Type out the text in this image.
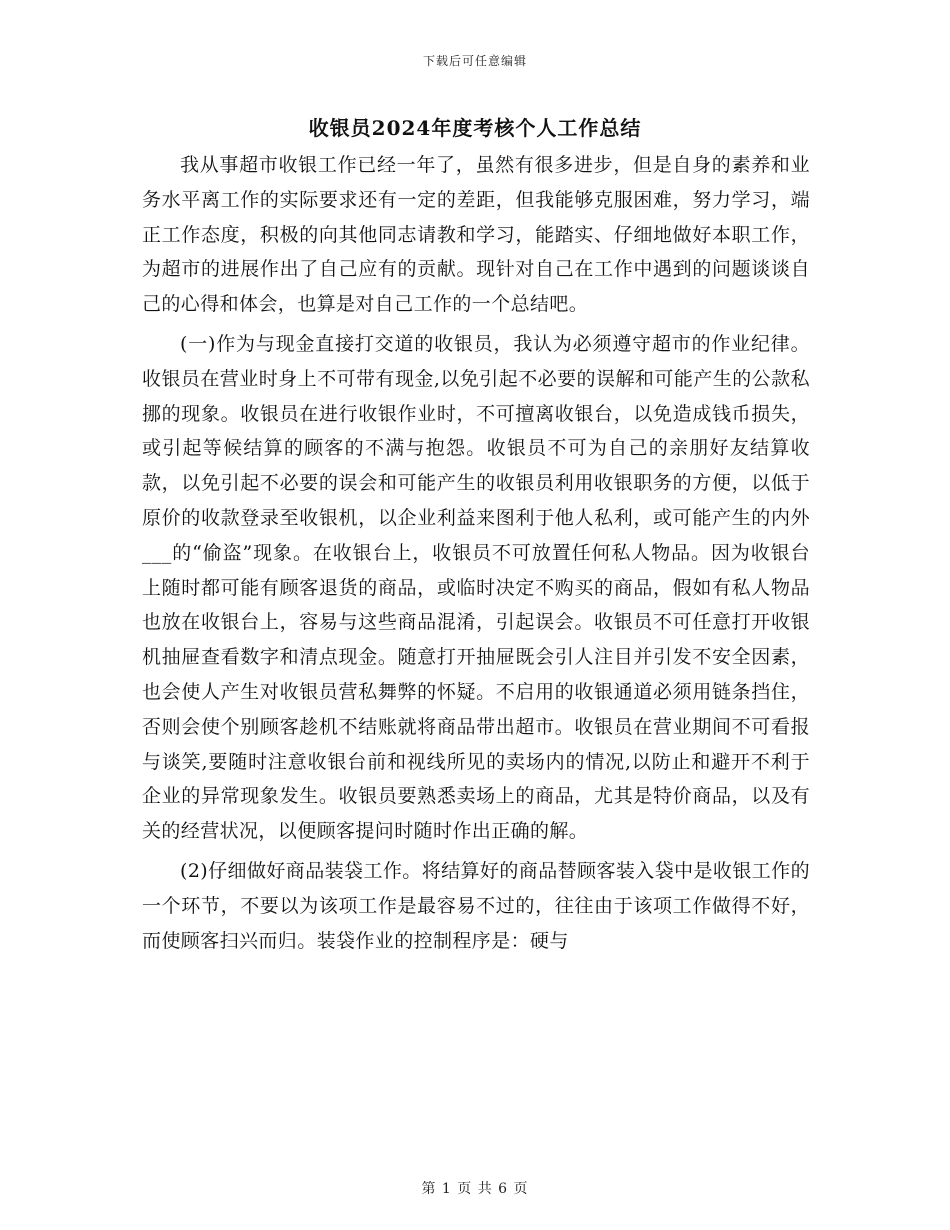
下载后可任意编辑
收银员2024年度考核个人工作总结

我从事超市收银工作已经一年了，虽然有很多进步，但是自身的素养和业务水平离工作的实际要求还有一定的差距，但我能够克服困难，努力学习，端正工作态度，积极的向其他同志请教和学习，能踏实、仔细地做好本职工作，为超市的进展作出了自己应有的贡献。现针对自己在工作中遇到的问题谈谈自己的心得和体会，也算是对自己工作的一个总结吧。

(一)作为与现金直接打交道的收银员，我认为必须遵守超市的作业纪律。收银员在营业时身上不可带有现金,以免引起不必要的误解和可能产生的公款私挪的现象。收银员在进行收银作业时，不可擅离收银台，以免造成钱币损失，或引起等候结算的顾客的不满与抱怨。收银员不可为自己的亲朋好友结算收款，以免引起不必要的误会和可能产生的收银员利用收银职务的方便，以低于原价的收款登录至收银机，以企业利益来图利于他人私利，或可能产生的内外___的“偷盗”现象。在收银台上，收银员不可放置任何私人物品。因为收银台上随时都可能有顾客退货的商品，或临时决定不购买的商品，假如有私人物品也放在收银台上，容易与这些商品混淆，引起误会。收银员不可任意打开收银机抽屉查看数字和清点现金。随意打开抽屉既会引人注目并引发不安全因素，也会使人产生对收银员营私舞弊的怀疑。不启用的收银通道必须用链条挡住，否则会使个别顾客趁机不结账就将商品带出超市。收银员在营业期间不可看报与谈笑,要随时注意收银台前和视线所见的卖场内的情况,以防止和避开不利于企业的异常现象发生。收银员要熟悉卖场上的商品，尤其是特价商品，以及有关的经营状况，以便顾客提问时随时作出正确的解。

(2)仔细做好商品装袋工作。将结算好的商品替顾客装入袋中是收银工作的一个环节，不要以为该项工作是最容易不过的，往往由于该项工作做得不好，而使顾客扫兴而归。装袋作业的控制程序是：硬与

第 1 页 共 6 页
